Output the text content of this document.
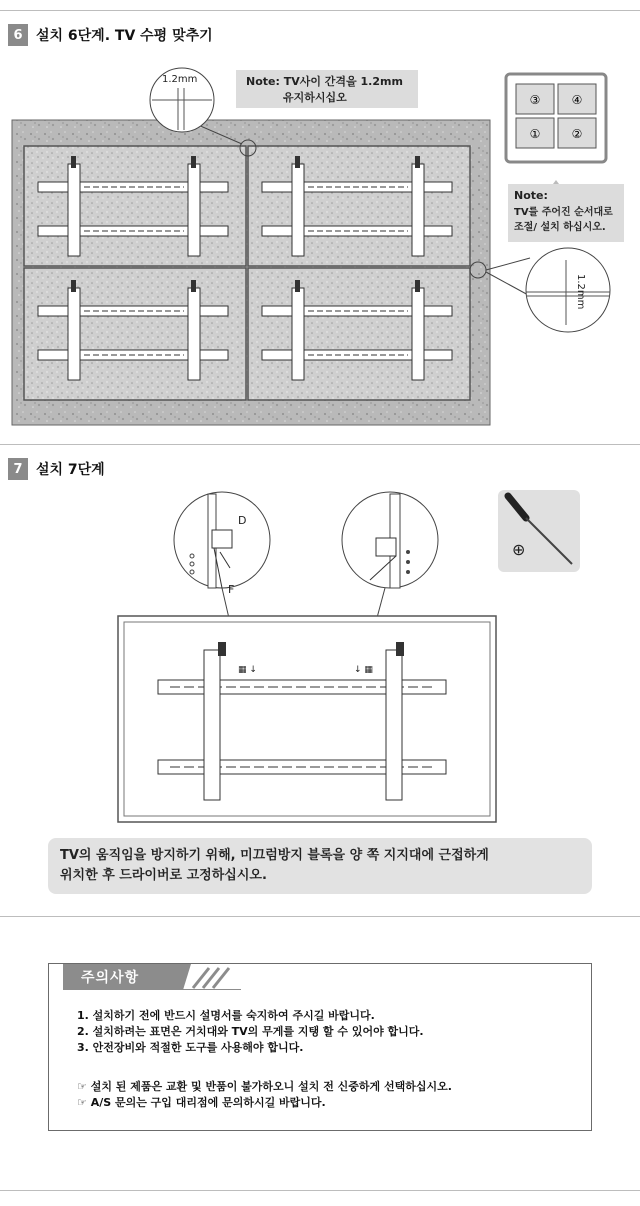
6 설치 6단계. TV 수평 맞추기
1.2mm	Note: TV사이 간격을 1.2mm
유지하시십오
1.2mm
③	④
①	②
Note:
TV를 주어진 순서대로
조절/ 설치 하십시오.
7 설치 7단계
D
F
⊕
▦ ↓	↓ ▦
TV의 움직임을 방지하기 위해, 미끄럼방지 블록을 양 쪽 지지대에 근접하게
위치한 후 드라이버로 고정하십시오.
주의사항
1. 설치하기 전에 반드시 설명서를 숙지하여 주시길 바랍니다.
2. 설치하려는 표면은 거치대와 TV의 무게를 지탱 할 수 있어야 합니다.
3. 안전장비와 적절한 도구를 사용해야 합니다.
☞ 설치 된 제품은 교환 및 반품이 불가하오니 설치 전 신중하게 선택하십시오.
☞ A/S 문의는 구입 대리점에 문의하시길 바랍니다.
